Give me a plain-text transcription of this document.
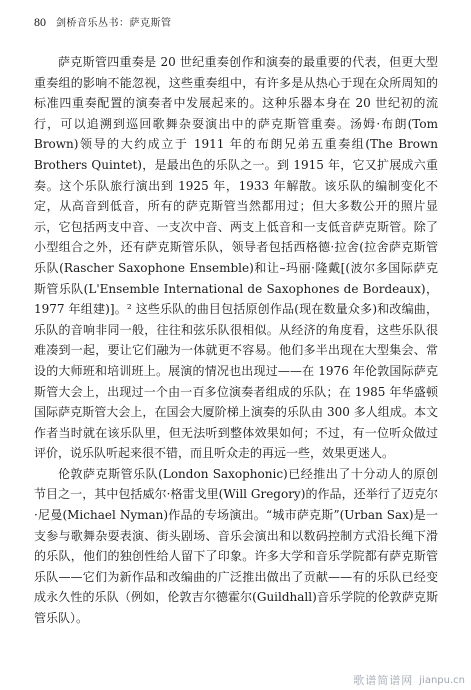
80 剑桥音乐丛书：萨克斯管

萨克斯管四重奏是 20 世纪重奏创作和演奏的最重要的代表，但更大型重奏组的影响不能忽视，这些重奏组中，有许多是从热心于现在众所周知的标准四重奏配置的演奏者中发展起来的。这种乐器本身在 20 世纪初的流行，可以追溯到巡回歌舞杂耍演出中的萨克斯管重奏。汤姆·布朗(Tom Brown)领导的大约成立于 1911 年的布朗兄弟五重奏组(The Brown Brothers Quintet)，是最出色的乐队之一。到 1915 年，它又扩展成六重奏。这个乐队旅行演出到 1925 年，1933 年解散。该乐队的编制变化不定，从高音到低音，所有的萨克斯管当然都用过；但大多数公开的照片显示，它包括两支中音、一支次中音、两支上低音和一支低音萨克斯管。除了小型组合之外，还有萨克斯管乐队，领导者包括西格德·拉舍(拉舍萨克斯管乐队(Rascher Saxophone Ensemble)和让–玛丽·隆戴[(波尔多国际萨克斯管乐队(L'Ensemble International de Saxophones de Bordeaux)，1977 年组建)]。² 这些乐队的曲目包括原创作品(现在数量众多)和改编曲，乐队的音响非同一般，往往和弦乐队很相似。从经济的角度看，这些乐队很难凑到一起，要让它们融为一体就更不容易。他们多半出现在大型集会、常设的大师班和培训班上。展演的情况也出现过——在 1976 年伦敦国际萨克斯管大会上，出现过一个由一百多位演奏者组成的乐队；在 1985 年华盛顿国际萨克斯管大会上，在国会大厦阶梯上演奏的乐队由 300 多人组成。本文作者当时就在该乐队里，但无法听到整体效果如何；不过，有一位听众做过评价，说乐队听起来很不错，而且听众走的再远一些，效果更迷人。

伦敦萨克斯管乐队(London Saxophonic)已经推出了十分动人的原创节目之一，其中包括威尔·格雷戈里(Will Gregory)的作品，还举行了迈克尔·尼曼(Michael Nyman)作品的专场演出。“城市萨克斯”(Urban Sax)是一支参与歌舞杂耍表演、街头剧场、音乐会演出和以数码控制方式沿长绳下滑的乐队，他们的独创性给人留下了印象。许多大学和音乐学院都有萨克斯管乐队——它们为新作品和改编曲的广泛推出做出了贡献——有的乐队已经变成永久性的乐队（例如，伦敦吉尔德霍尔(Guildhall)音乐学院的伦敦萨克斯管乐队）。

歌谱简谱网 jianpu.cn
